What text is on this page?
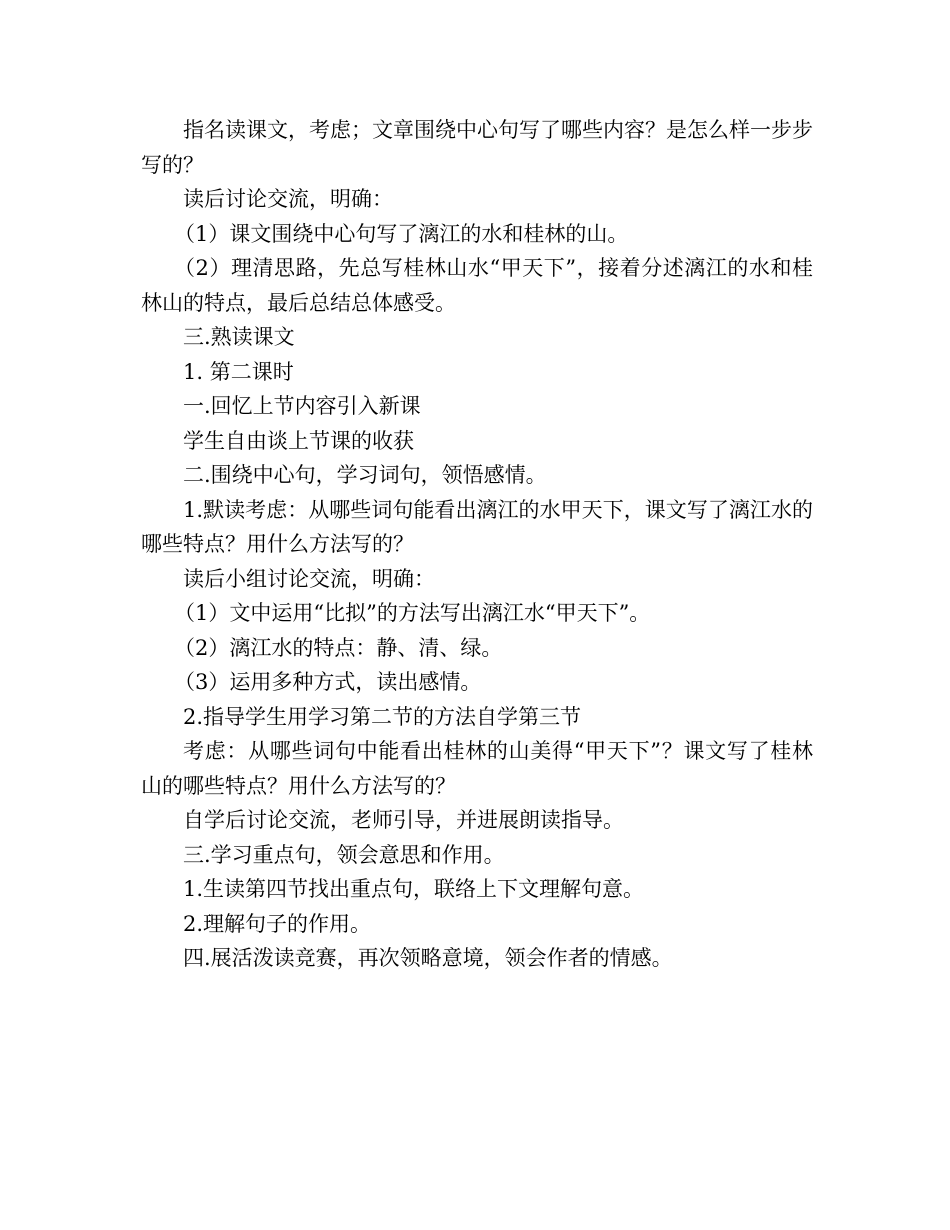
指名读课文，考虑；文章围绕中心句写了哪些内容？是怎么样一步步写的？

读后讨论交流，明确：

（1）课文围绕中心句写了漓江的水和桂林的山。

（2）理清思路，先总写桂林山水“甲天下”，接着分述漓江的水和桂林山的特点，最后总结总体感受。

三.熟读课文

1. 第二课时

一.回忆上节内容引入新课

学生自由谈上节课的收获

二.围绕中心句，学习词句，领悟感情。

1.默读考虑：从哪些词句能看出漓江的水甲天下，课文写了漓江水的哪些特点？用什么方法写的？

读后小组讨论交流，明确：

（1）文中运用“比拟”的方法写出漓江水“甲天下”。

（2）漓江水的特点：静、清、绿。

（3）运用多种方式，读出感情。

2.指导学生用学习第二节的方法自学第三节

考虑：从哪些词句中能看出桂林的山美得“甲天下”？课文写了桂林山的哪些特点？用什么方法写的？

自学后讨论交流，老师引导，并进展朗读指导。

三.学习重点句，领会意思和作用。

1.生读第四节找出重点句，联络上下文理解句意。

2.理解句子的作用。

四.展活泼读竞赛，再次领略意境，领会作者的情感。
